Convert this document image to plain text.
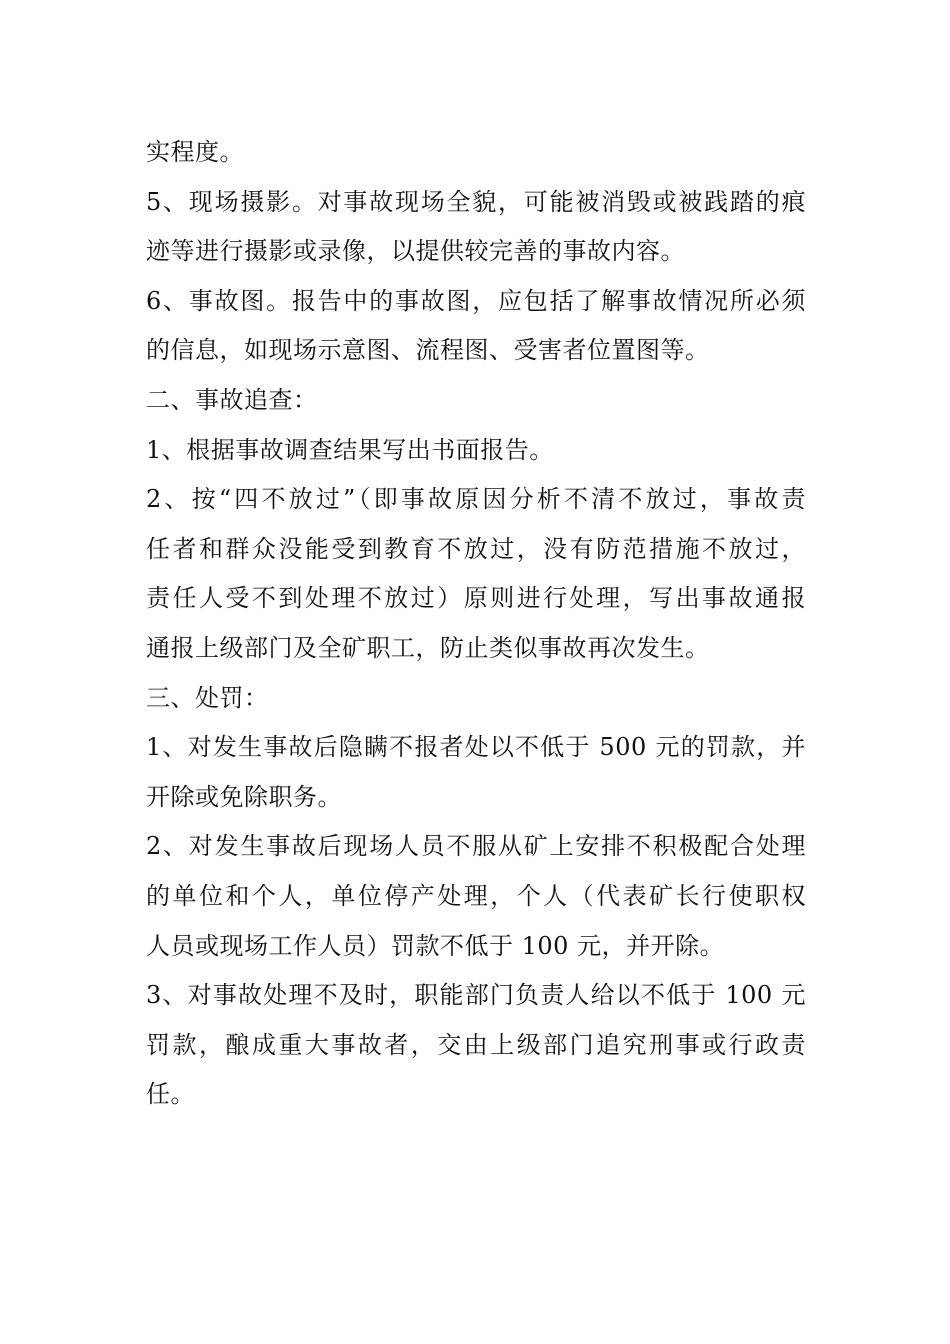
实程度。

5、现场摄影。对事故现场全貌，可能被消毁或被践踏的痕

迹等进行摄影或录像，以提供较完善的事故内容。

6、事故图。报告中的事故图，应包括了解事故情况所必须

的信息，如现场示意图、流程图、受害者位置图等。

二、事故追查：

1、根据事故调查结果写出书面报告。

2、按“四不放过”（即事故原因分析不清不放过，事故责

任者和群众没能受到教育不放过，没有防范措施不放过，

责任人受不到处理不放过）原则进行处理，写出事故通报

通报上级部门及全矿职工，防止类似事故再次发生。

三、处罚：

1、对发生事故后隐瞒不报者处以不低于 500 元的罚款，并

开除或免除职务。

2、对发生事故后现场人员不服从矿上安排不积极配合处理

的单位和个人，单位停产处理，个人（代表矿长行使职权

人员或现场工作人员）罚款不低于 100 元，并开除。

3、对事故处理不及时，职能部门负责人给以不低于 100 元

罚款，酿成重大事故者，交由上级部门追究刑事或行政责

任。
